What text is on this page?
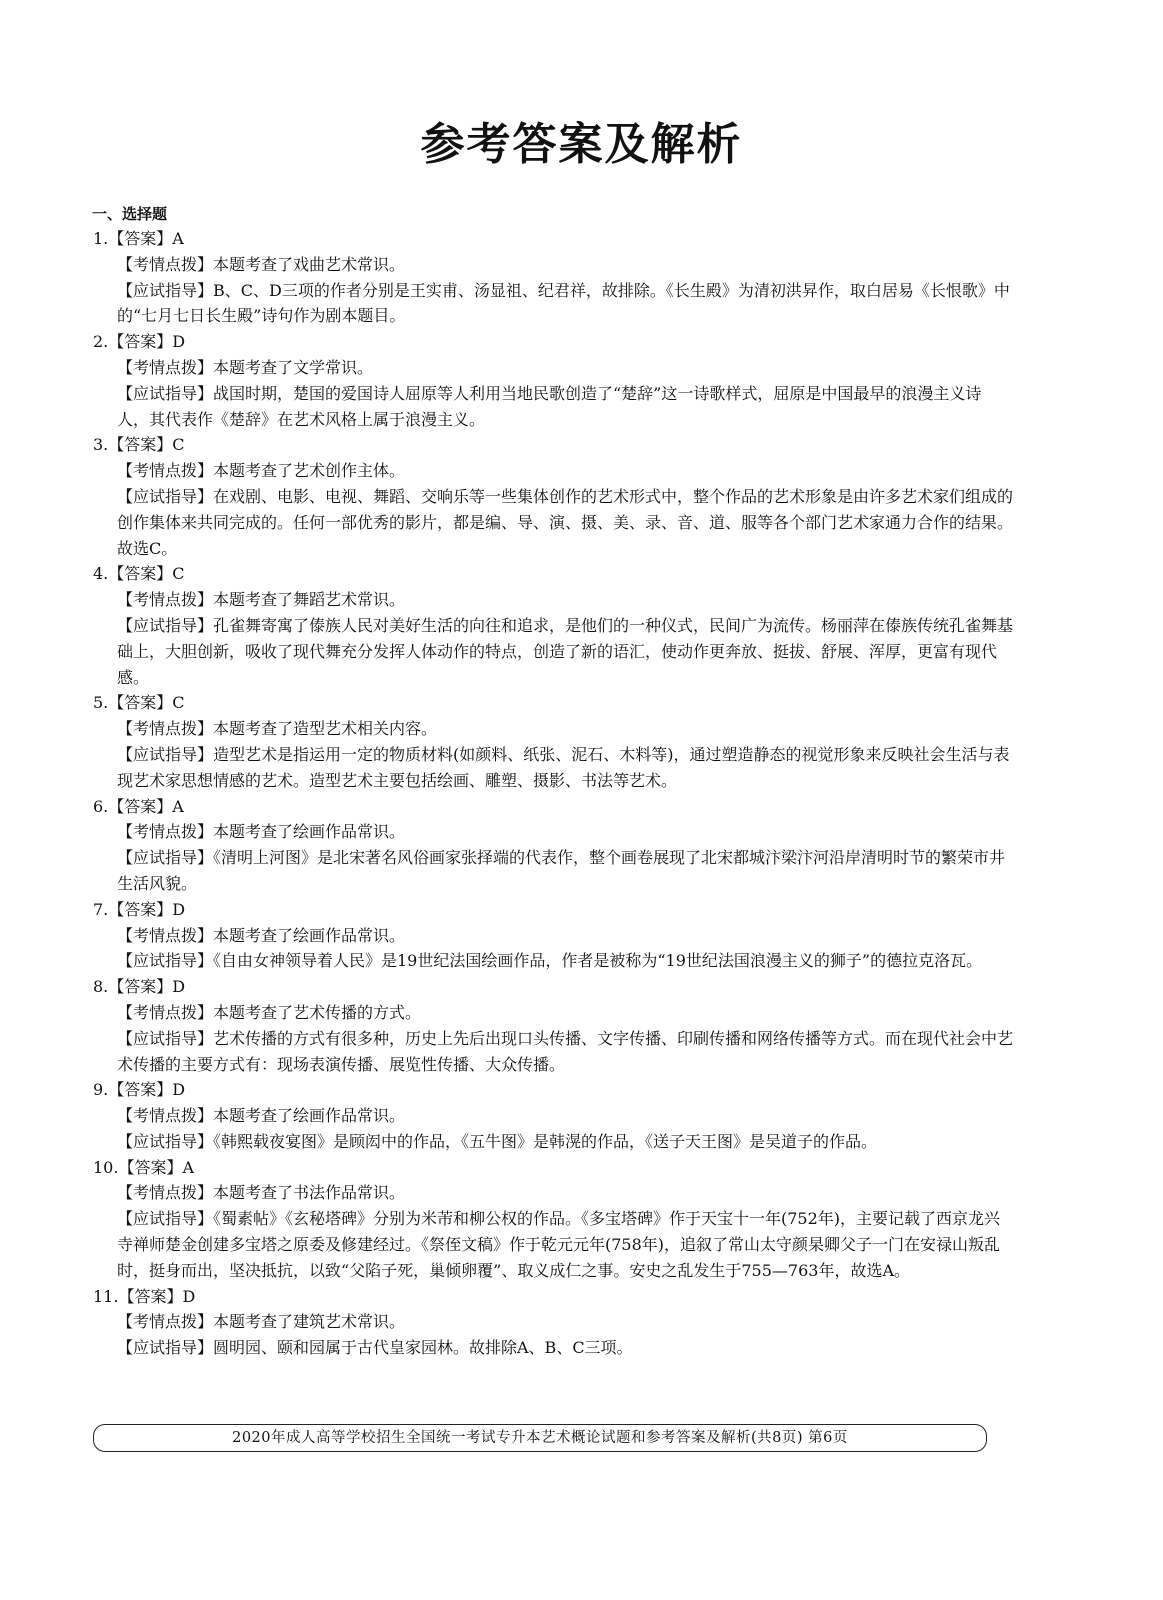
参考答案及解析
一、选择题
1.【答案】A
【考情点拨】本题考查了戏曲艺术常识。
【应试指导】B、C、D三项的作者分别是王实甫、汤显祖、纪君祥，故排除。《长生殿》为清初洪昇作，取白居易《长恨歌》中的“七月七日长生殿”诗句作为剧本题目。
2.【答案】D
【考情点拨】本题考查了文学常识。
【应试指导】战国时期，楚国的爱国诗人屈原等人利用当地民歌创造了“楚辞”这一诗歌样式，屈原是中国最早的浪漫主义诗人，其代表作《楚辞》在艺术风格上属于浪漫主义。
3.【答案】C
【考情点拨】本题考查了艺术创作主体。
【应试指导】在戏剧、电影、电视、舞蹈、交响乐等一些集体创作的艺术形式中，整个作品的艺术形象是由许多艺术家们组成的创作集体来共同完成的。任何一部优秀的影片，都是编、导、演、摄、美、录、音、道、服等各个部门艺术家通力合作的结果。故选C。
4.【答案】C
【考情点拨】本题考查了舞蹈艺术常识。
【应试指导】孔雀舞寄寓了傣族人民对美好生活的向往和追求，是他们的一种仪式，民间广为流传。杨丽萍在傣族传统孔雀舞基础上，大胆创新，吸收了现代舞充分发挥人体动作的特点，创造了新的语汇，使动作更奔放、挺拔、舒展、浑厚，更富有现代感。
5.【答案】C
【考情点拨】本题考查了造型艺术相关内容。
【应试指导】造型艺术是指运用一定的物质材料(如颜料、纸张、泥石、木料等)，通过塑造静态的视觉形象来反映社会生活与表现艺术家思想情感的艺术。造型艺术主要包括绘画、雕塑、摄影、书法等艺术。
6.【答案】A
【考情点拨】本题考查了绘画作品常识。
【应试指导】《清明上河图》是北宋著名风俗画家张择端的代表作，整个画卷展现了北宋都城汴梁汴河沿岸清明时节的繁荣市井生活风貌。
7.【答案】D
【考情点拨】本题考查了绘画作品常识。
【应试指导】《自由女神领导着人民》是19世纪法国绘画作品，作者是被称为“19世纪法国浪漫主义的狮子”的德拉克洛瓦。
8.【答案】D
【考情点拨】本题考查了艺术传播的方式。
【应试指导】艺术传播的方式有很多种，历史上先后出现口头传播、文字传播、印刷传播和网络传播等方式。而在现代社会中艺术传播的主要方式有：现场表演传播、展览性传播、大众传播。
9.【答案】D
【考情点拨】本题考查了绘画作品常识。
【应试指导】《韩熙载夜宴图》是顾闳中的作品，《五牛图》是韩滉的作品，《送子天王图》是吴道子的作品。
10.【答案】A
【考情点拨】本题考查了书法作品常识。
【应试指导】《蜀素帖》《玄秘塔碑》分别为米芾和柳公权的作品。《多宝塔碑》作于天宝十一年(752年)，主要记载了西京龙兴寺禅师楚金创建多宝塔之原委及修建经过。《祭侄文稿》作于乾元元年(758年)，追叙了常山太守颜杲卿父子一门在安禄山叛乱时，挺身而出，坚决抵抗，以致“父陷子死，巢倾卵覆”、取义成仁之事。安史之乱发生于755—763年，故选A。
11.【答案】D
【考情点拨】本题考查了建筑艺术常识。
【应试指导】圆明园、颐和园属于古代皇家园林。故排除A、B、C三项。
2020年成人高等学校招生全国统一考试专升本艺术概论试题和参考答案及解析(共8页) 第6页
